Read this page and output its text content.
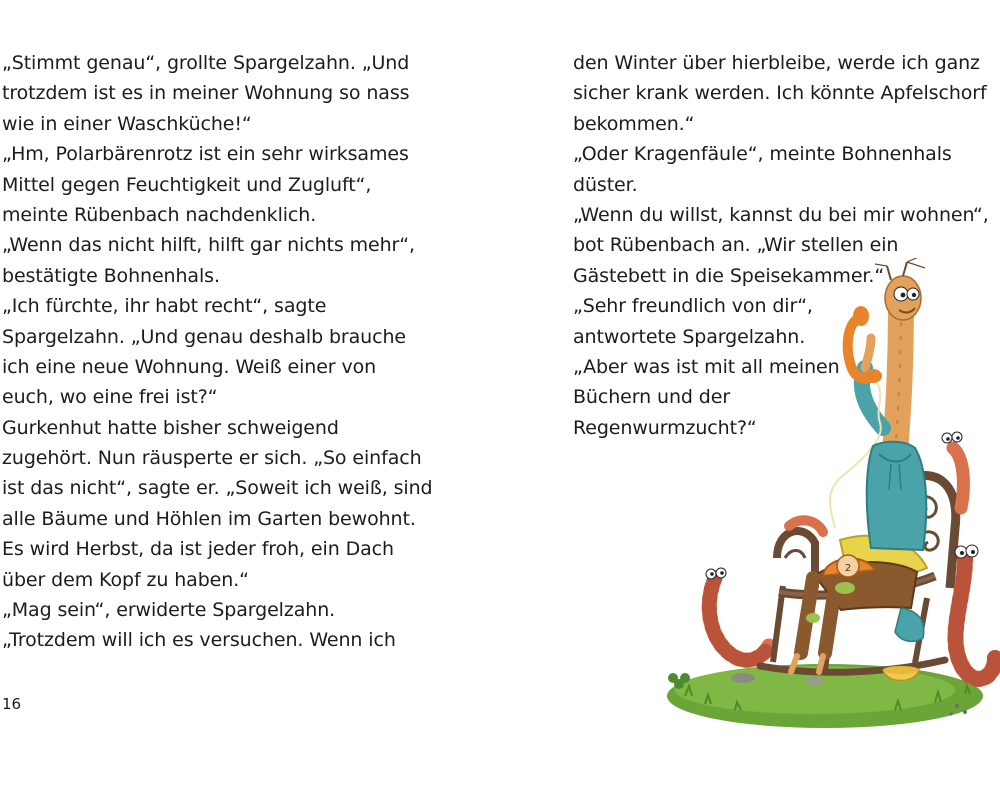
„Stimmt genau“, grollte Spargelzahn. „Und
trotzdem ist es in meiner Wohnung so nass
wie in einer Waschküche!“
„Hm, Polarbärenrotz ist ein sehr wirksames
Mittel gegen Feuchtigkeit und Zugluft“,
meinte Rübenbach nachdenklich.
„Wenn das nicht hilft, hilft gar nichts mehr“,
bestätigte Bohnenhals.
„Ich fürchte, ihr habt recht“, sagte
Spargelzahn. „Und genau deshalb brauche
ich eine neue Wohnung. Weiß einer von
euch, wo eine frei ist?“
Gurkenhut hatte bisher schweigend
zugehört. Nun räusperte er sich. „So einfach
ist das nicht“, sagte er. „Soweit ich weiß, sind
alle Bäume und Höhlen im Garten bewohnt.
Es wird Herbst, da ist jeder froh, ein Dach
über dem Kopf zu haben.“
„Mag sein“, erwiderte Spargelzahn.
„Trotzdem will ich es versuchen. Wenn ich
16
den Winter über hierbleibe, werde ich ganz
sicher krank werden. Ich könnte Apfelschorf
bekommen.“
„Oder Kragenfäule“, meinte Bohnenhals
düster.
„Wenn du willst, kannst du bei mir wohnen“,
bot Rübenbach an. „Wir stellen ein
Gästebett in die Speisekammer.“
„Sehr freundlich von dir“,
antwortete Spargelzahn.
„Aber was ist mit all meinen
Büchern und der
Regenwurmzucht?“
2
